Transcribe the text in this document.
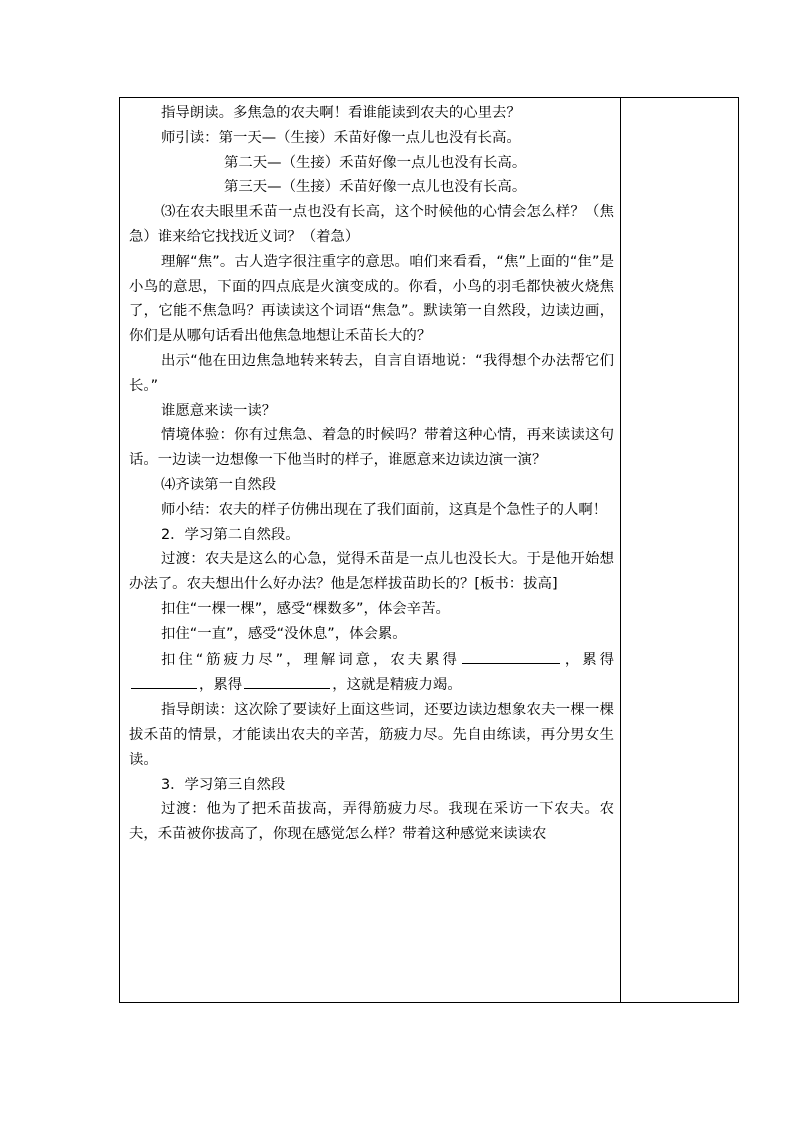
指导朗读。多焦急的农夫啊！看谁能读到农夫的心里去？

师引读：第一天—（生接）禾苗好像一点儿也没有长高。

第二天—（生接）禾苗好像一点儿也没有长高。

第三天—（生接）禾苗好像一点儿也没有长高。

⑶在农夫眼里禾苗一点也没有长高，这个时候他的心情会怎么样？（焦急）谁来给它找找近义词？（着急）

理解“焦”。古人造字很注重字的意思。咱们来看看，“焦”上面的“隹”是小鸟的意思，下面的四点底是火演变成的。你看，小鸟的羽毛都快被火烧焦了，它能不焦急吗？再读读这个词语“焦急”。默读第一自然段，边读边画，你们是从哪句话看出他焦急地想让禾苗长大的？

出示“他在田边焦急地转来转去，自言自语地说：“我得想个办法帮它们长。”

谁愿意来读一读？

情境体验：你有过焦急、着急的时候吗？带着这种心情，再来读读这句话。一边读一边想像一下他当时的样子，谁愿意来边读边演一演？

⑷齐读第一自然段

师小结：农夫的样子仿佛出现在了我们面前，这真是个急性子的人啊！

2．学习第二自然段。

过渡：农夫是这么的心急，觉得禾苗是一点儿也没长大。于是他开始想办法了。农夫想出什么好办法？他是怎样拔苗助长的？[板书：拔高]

扣住“一棵一棵”，感受“棵数多”，体会辛苦。

扣住“一直”，感受“没休息”，体会累。

扣住“筋疲力尽”，理解词意，农夫累得	，累得，累得	，这就是精疲力竭。

指导朗读：这次除了要读好上面这些词，还要边读边想象农夫一棵一棵拔禾苗的情景，才能读出农夫的辛苦，筋疲力尽。先自由练读，再分男女生读。

3．学习第三自然段

过渡：他为了把禾苗拔高，弄得筋疲力尽。我现在采访一下农夫。农夫，禾苗被你拔高了，你现在感觉怎么样？带着这种感觉来读读农
